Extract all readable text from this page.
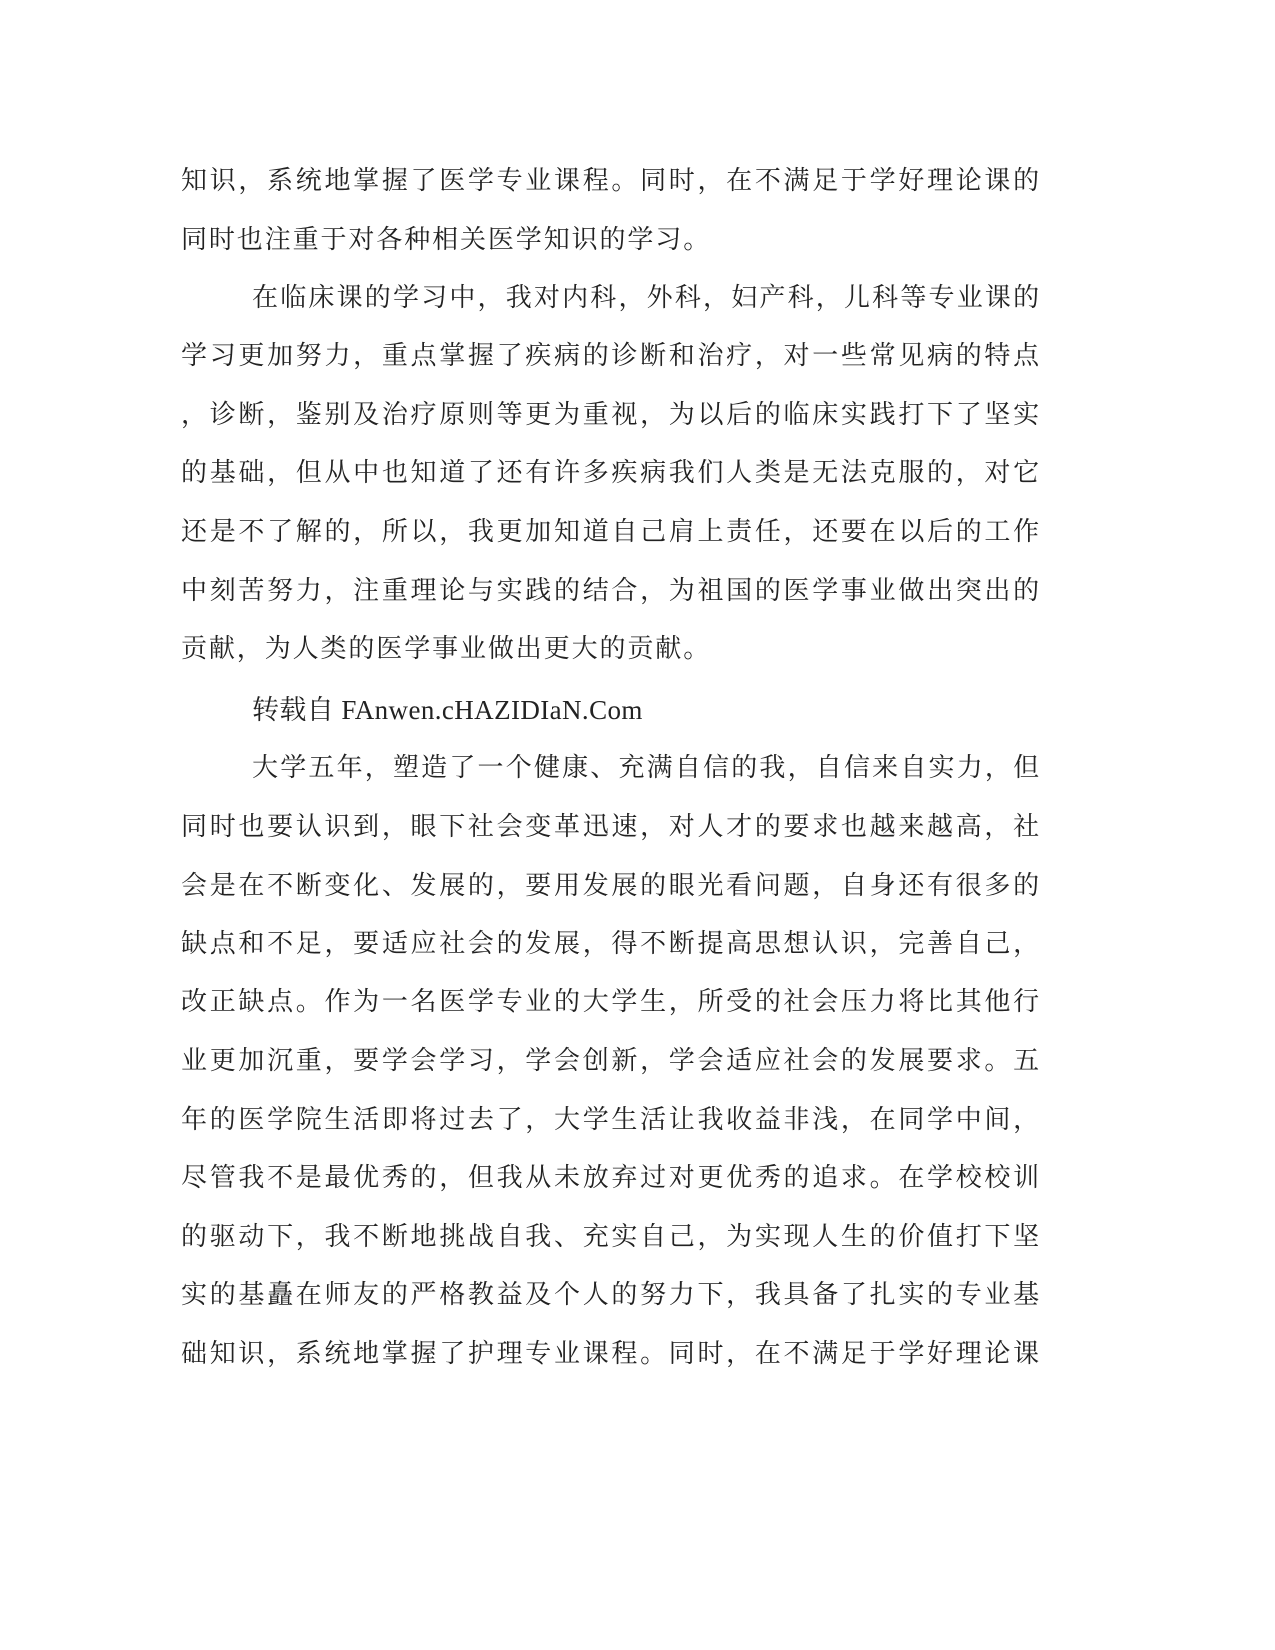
知识，系统地掌握了医学专业课程。同时，在不满足于学好理论课的
同时也注重于对各种相关医学知识的学习。
在临床课的学习中，我对内科，外科，妇产科，儿科等专业课的
学习更加努力，重点掌握了疾病的诊断和治疗，对一些常见病的特点
，诊断，鉴别及治疗原则等更为重视，为以后的临床实践打下了坚实
的基础，但从中也知道了还有许多疾病我们人类是无法克服的，对它
还是不了解的，所以，我更加知道自己肩上责任，还要在以后的工作
中刻苦努力，注重理论与实践的结合，为祖国的医学事业做出突出的
贡献，为人类的医学事业做出更大的贡献。
转载自 FAnwen.cHAZIDIaN.Com
大学五年，塑造了一个健康、充满自信的我，自信来自实力，但
同时也要认识到，眼下社会变革迅速，对人才的要求也越来越高，社
会是在不断变化、发展的，要用发展的眼光看问题，自身还有很多的
缺点和不足，要适应社会的发展，得不断提高思想认识，完善自己，
改正缺点。作为一名医学专业的大学生，所受的社会压力将比其他行
业更加沉重，要学会学习，学会创新，学会适应社会的发展要求。五
年的医学院生活即将过去了，大学生活让我收益非浅，在同学中间，
尽管我不是最优秀的，但我从未放弃过对更优秀的追求。在学校校训
的驱动下，我不断地挑战自我、充实自己，为实现人生的价值打下坚
实的基矗在师友的严格教益及个人的努力下，我具备了扎实的专业基
础知识，系统地掌握了护理专业课程。同时，在不满足于学好理论课
